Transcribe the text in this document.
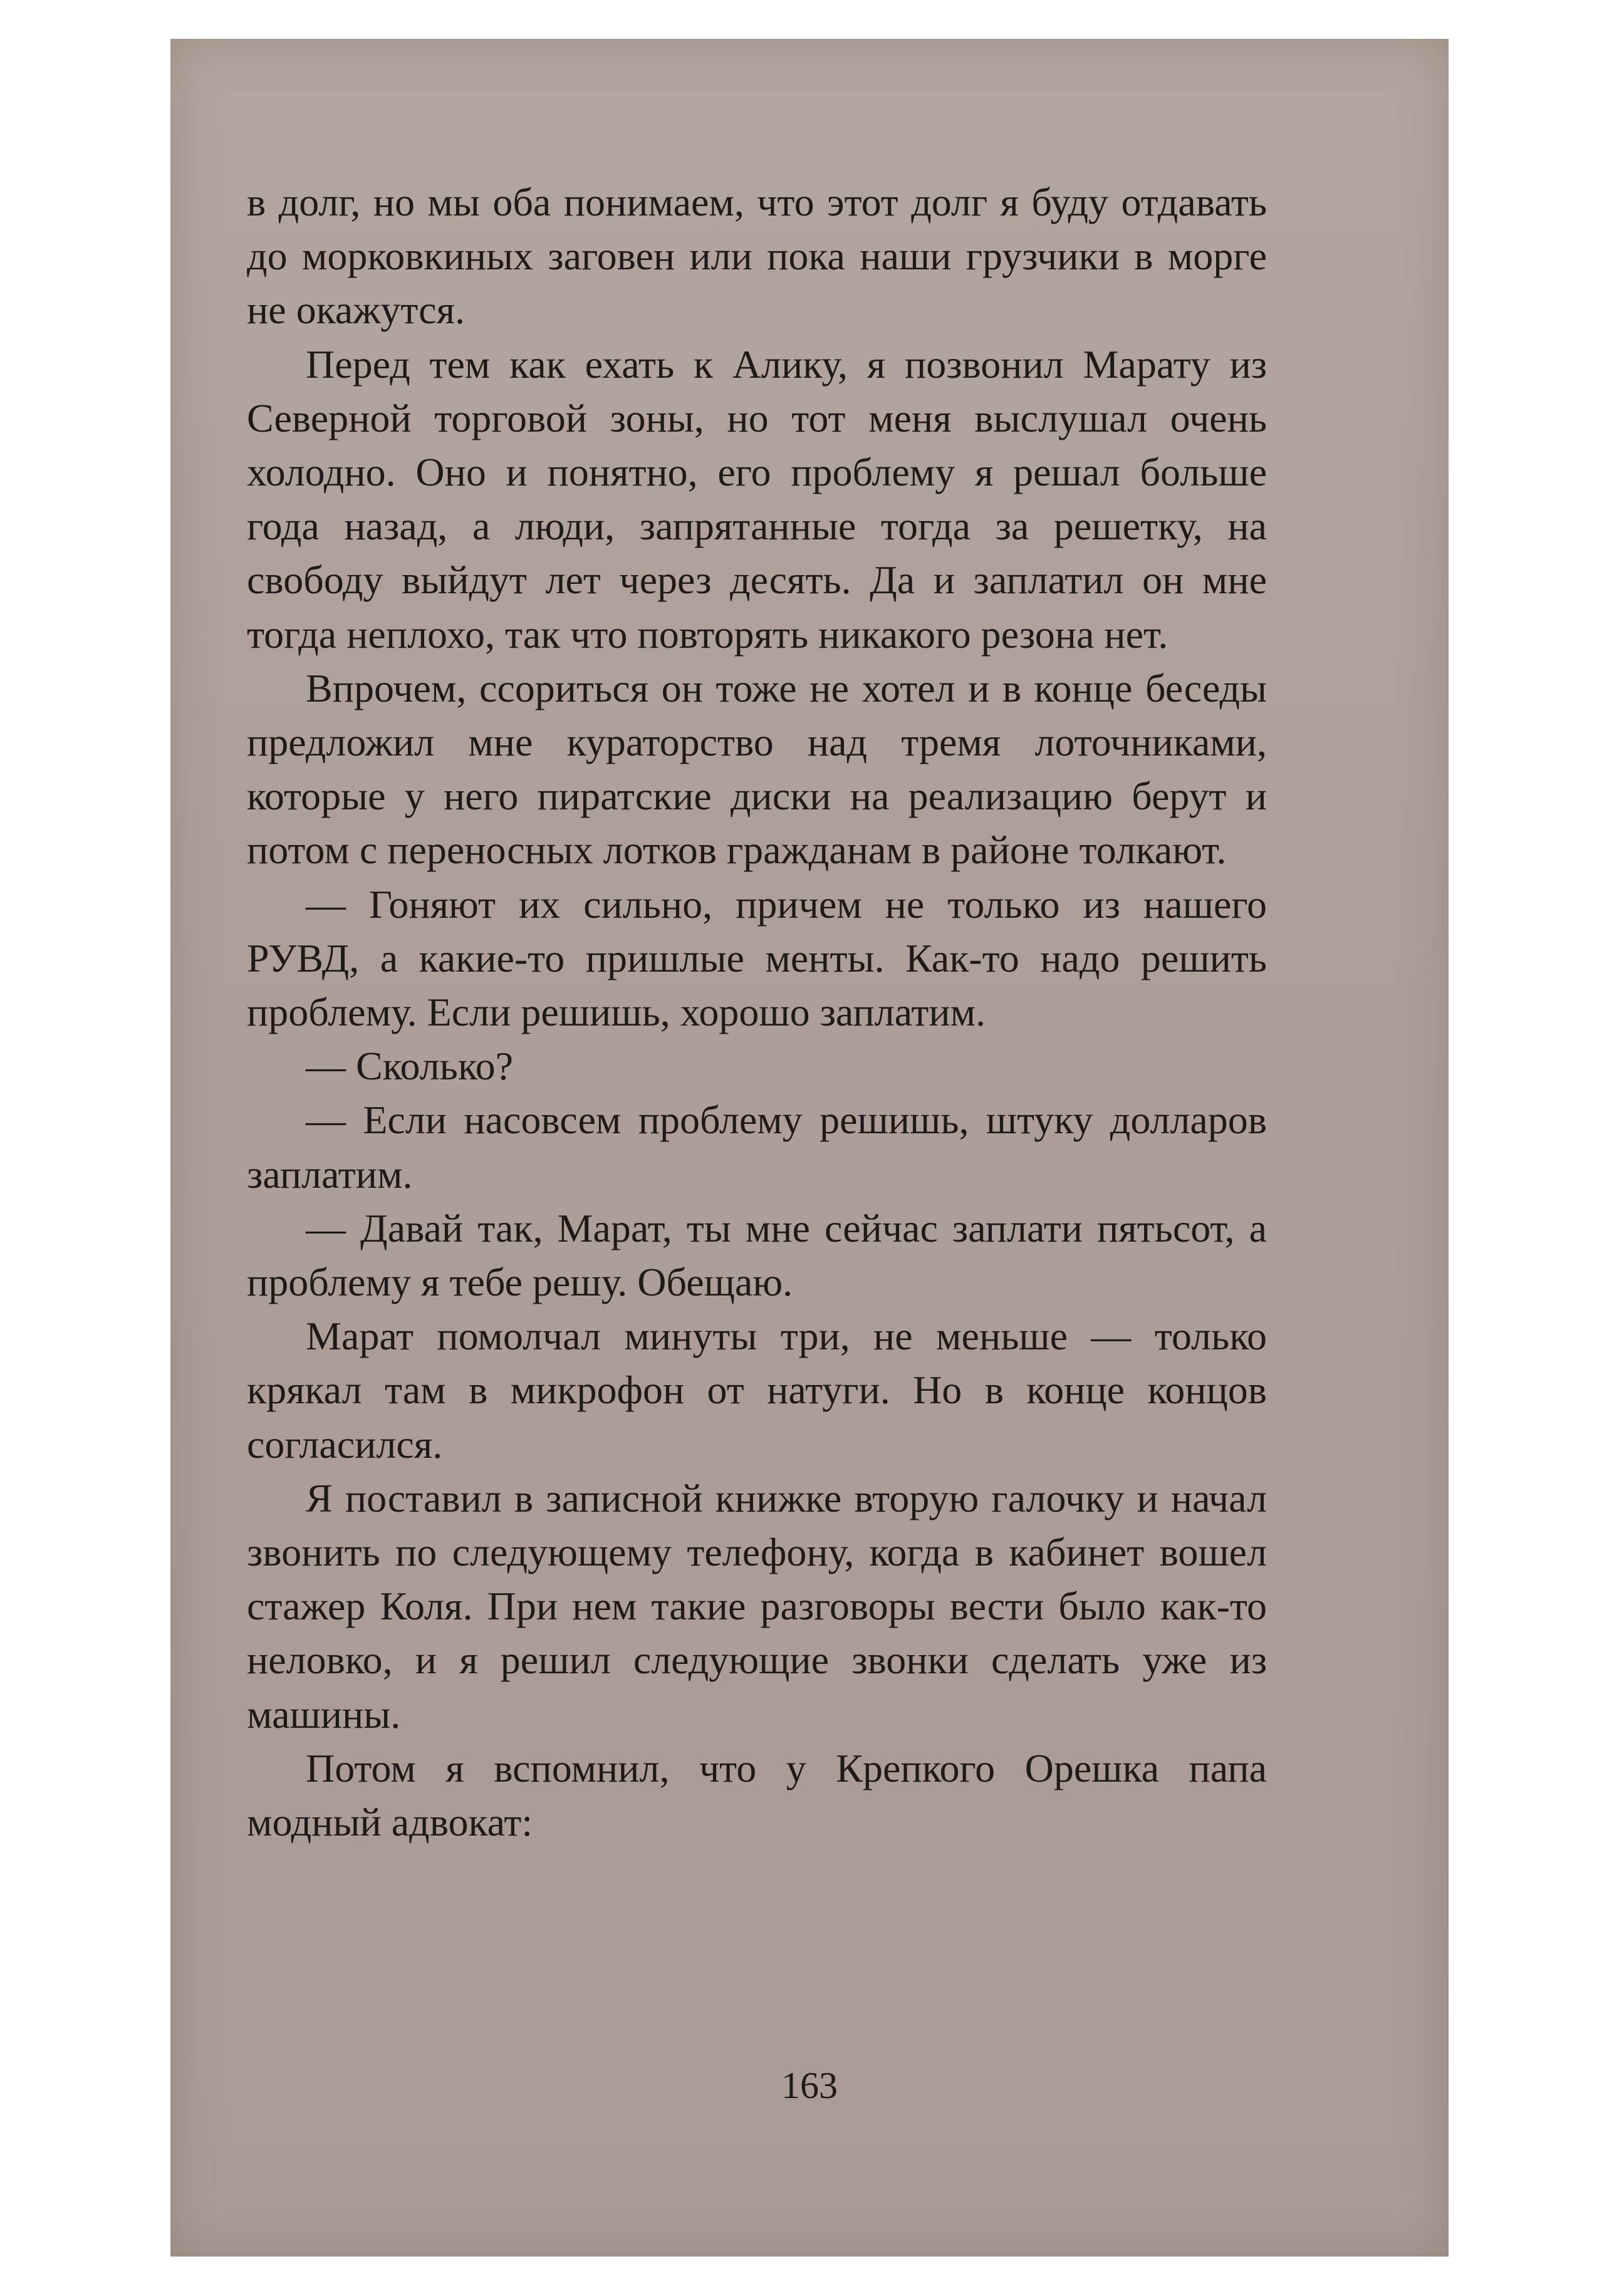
в долг, но мы оба понимаем, что этот долг я буду отдавать до морковкиных заговен или пока наши грузчики в морге не окажутся.

Перед тем как ехать к Алику, я позвонил Марату из Северной торговой зоны, но тот меня выслушал очень холодно. Оно и понятно, его проблему я решал больше года назад, а люди, запрятанные тогда за решетку, на свободу выйдут лет через десять. Да и заплатил он мне тогда неплохо, так что повторять никакого резона нет.

Впрочем, ссориться он тоже не хотел и в конце беседы предложил мне кураторство над тремя лоточниками, которые у него пиратские диски на реализацию берут и потом с переносных лотков гражданам в районе толкают.

— Гоняют их сильно, причем не только из нашего РУВД, а какие-то пришлые менты. Как-то надо решить проблему. Если решишь, хорошо заплатим.

— Сколько?

— Если насовсем проблему решишь, штуку долларов заплатим.

— Давай так, Марат, ты мне сейчас заплати пятьсот, а проблему я тебе решу. Обещаю.

Марат помолчал минуты три, не меньше — только крякал там в микрофон от натуги. Но в конце концов согласился.

Я поставил в записной книжке вторую галочку и начал звонить по следующему телефону, когда в кабинет вошел стажер Коля. При нем такие разговоры вести было как-то неловко, и я решил следующие звонки сделать уже из машины.

Потом я вспомнил, что у Крепкого Орешка папа модный адвокат:

163
